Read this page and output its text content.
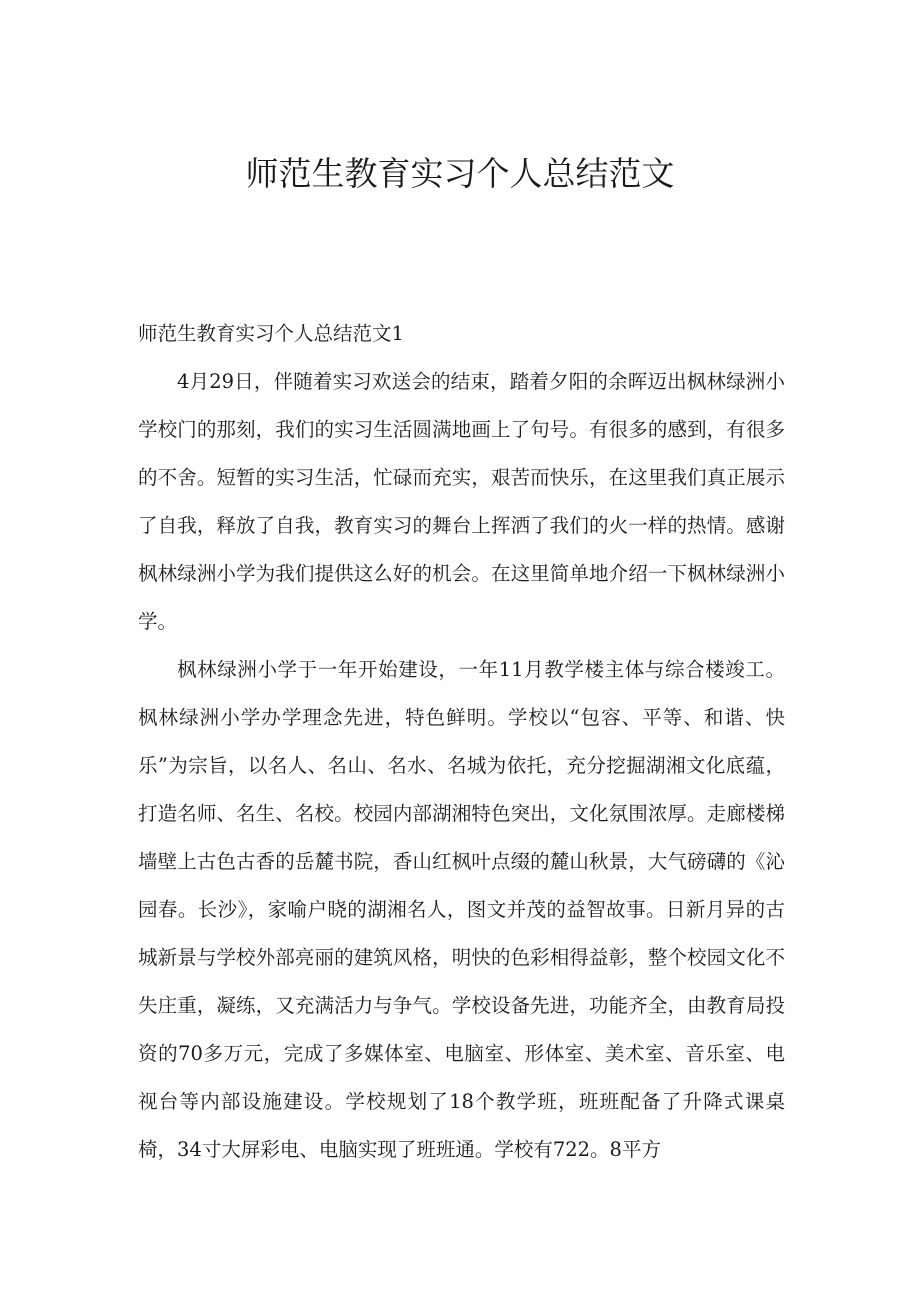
师范生教育实习个人总结范文

师范生教育实习个人总结范文1

4月29日，伴随着实习欢送会的结束，踏着夕阳的余晖迈出枫林绿洲小学校门的那刻，我们的实习生活圆满地画上了句号。有很多的感到，有很多的不舍。短暂的实习生活，忙碌而充实，艰苦而快乐，在这里我们真正展示了自我，释放了自我，教育实习的舞台上挥洒了我们的火一样的热情。感谢枫林绿洲小学为我们提供这么好的机会。在这里简单地介绍一下枫林绿洲小学。

枫林绿洲小学于一年开始建设，一年11月教学楼主体与综合楼竣工。枫林绿洲小学办学理念先进，特色鲜明。学校以“包容、平等、和谐、快乐”为宗旨，以名人、名山、名水、名城为依托，充分挖掘湖湘文化底蕴，打造名师、名生、名校。校园内部湖湘特色突出，文化氛围浓厚。走廊楼梯墙壁上古色古香的岳麓书院，香山红枫叶点缀的麓山秋景，大气磅礴的《沁园春。长沙》，家喻户晓的湖湘名人，图文并茂的益智故事。日新月异的古城新景与学校外部亮丽的建筑风格，明快的色彩相得益彰，整个校园文化不失庄重，凝练，又充满活力与争气。学校设备先进，功能齐全，由教育局投资的70多万元，完成了多媒体室、电脑室、形体室、美术室、音乐室、电视台等内部设施建设。学校规划了18个教学班，班班配备了升降式课桌椅，34寸大屏彩电、电脑实现了班班通。学校有722。8平方
